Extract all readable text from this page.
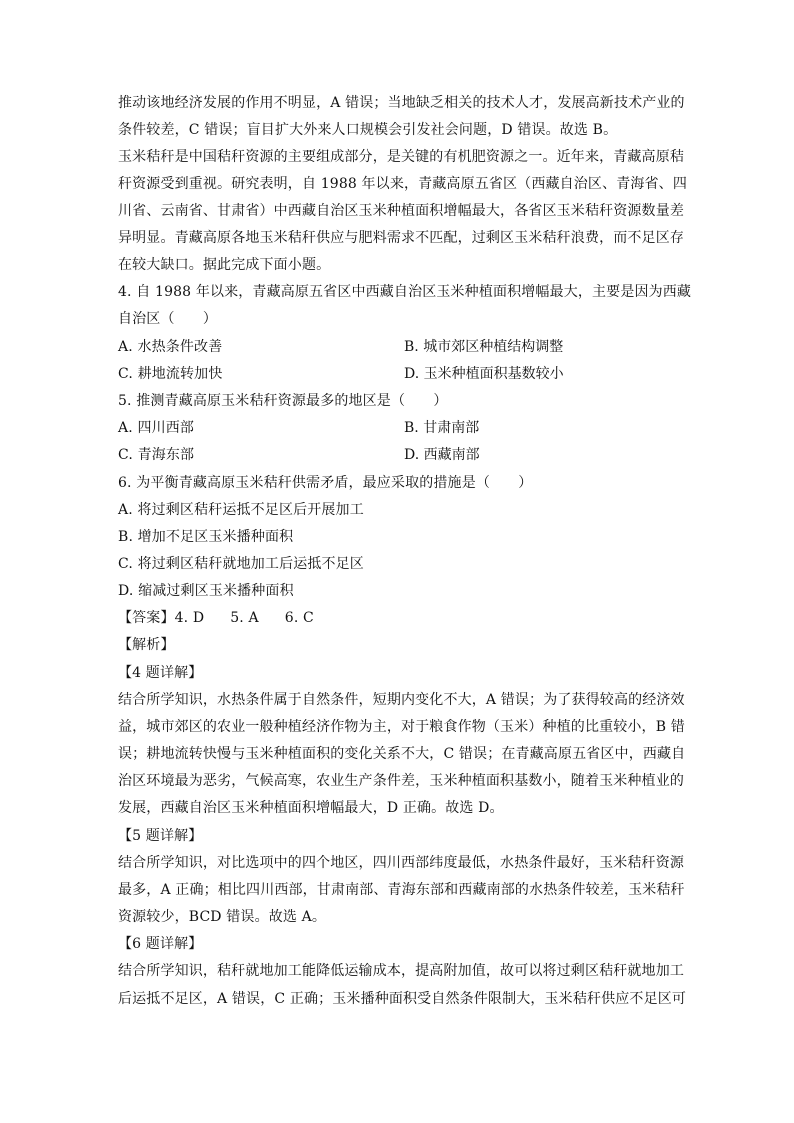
推动该地经济发展的作用不明显，A 错误；当地缺乏相关的技术人才，发展高新技术产业的
条件较差，C 错误；盲目扩大外来人口规模会引发社会问题，D 错误。故选 B。
玉米秸秆是中国秸秆资源的主要组成部分，是关键的有机肥资源之一。近年来，青藏高原秸
秆资源受到重视。研究表明，自 1988 年以来，青藏高原五省区（西藏自治区、青海省、四
川省、云南省、甘肃省）中西藏自治区玉米种植面积增幅最大，各省区玉米秸秆资源数量差
异明显。青藏高原各地玉米秸秆供应与肥料需求不匹配，过剩区玉米秸秆浪费，而不足区存
在较大缺口。据此完成下面小题。
4. 自 1988 年以来，青藏高原五省区中西藏自治区玉米种植面积增幅最大，主要是因为西藏
自治区（　　）
A. 水热条件改善	B. 城市郊区种植结构调整
C. 耕地流转加快	D. 玉米种植面积基数较小
5. 推测青藏高原玉米秸秆资源最多的地区是（　　）
A. 四川西部	B. 甘肃南部
C. 青海东部	D. 西藏南部
6. 为平衡青藏高原玉米秸秆供需矛盾，最应采取的措施是（　　）
A. 将过剩区秸秆运抵不足区后开展加工
B. 增加不足区玉米播种面积
C. 将过剩区秸秆就地加工后运抵不足区
D. 缩减过剩区玉米播种面积
【答案】4. D 5. A 6. C
【解析】
【4 题详解】
结合所学知识，水热条件属于自然条件，短期内变化不大，A 错误；为了获得较高的经济效
益，城市郊区的农业一般种植经济作物为主，对于粮食作物（玉米）种植的比重较小，B 错
误；耕地流转快慢与玉米种植面积的变化关系不大，C 错误；在青藏高原五省区中，西藏自
治区环境最为恶劣，气候高寒，农业生产条件差，玉米种植面积基数小，随着玉米种植业的
发展，西藏自治区玉米种植面积增幅最大，D 正确。故选 D。
【5 题详解】
结合所学知识，对比选项中的四个地区，四川西部纬度最低，水热条件最好，玉米秸秆资源
最多，A 正确；相比四川西部，甘肃南部、青海东部和西藏南部的水热条件较差，玉米秸秆
资源较少，BCD 错误。故选 A。
【6 题详解】
结合所学知识，秸秆就地加工能降低运输成本，提高附加值，故可以将过剩区秸秆就地加工
后运抵不足区，A 错误，C 正确；玉米播种面积受自然条件限制大，玉米秸秆供应不足区可
